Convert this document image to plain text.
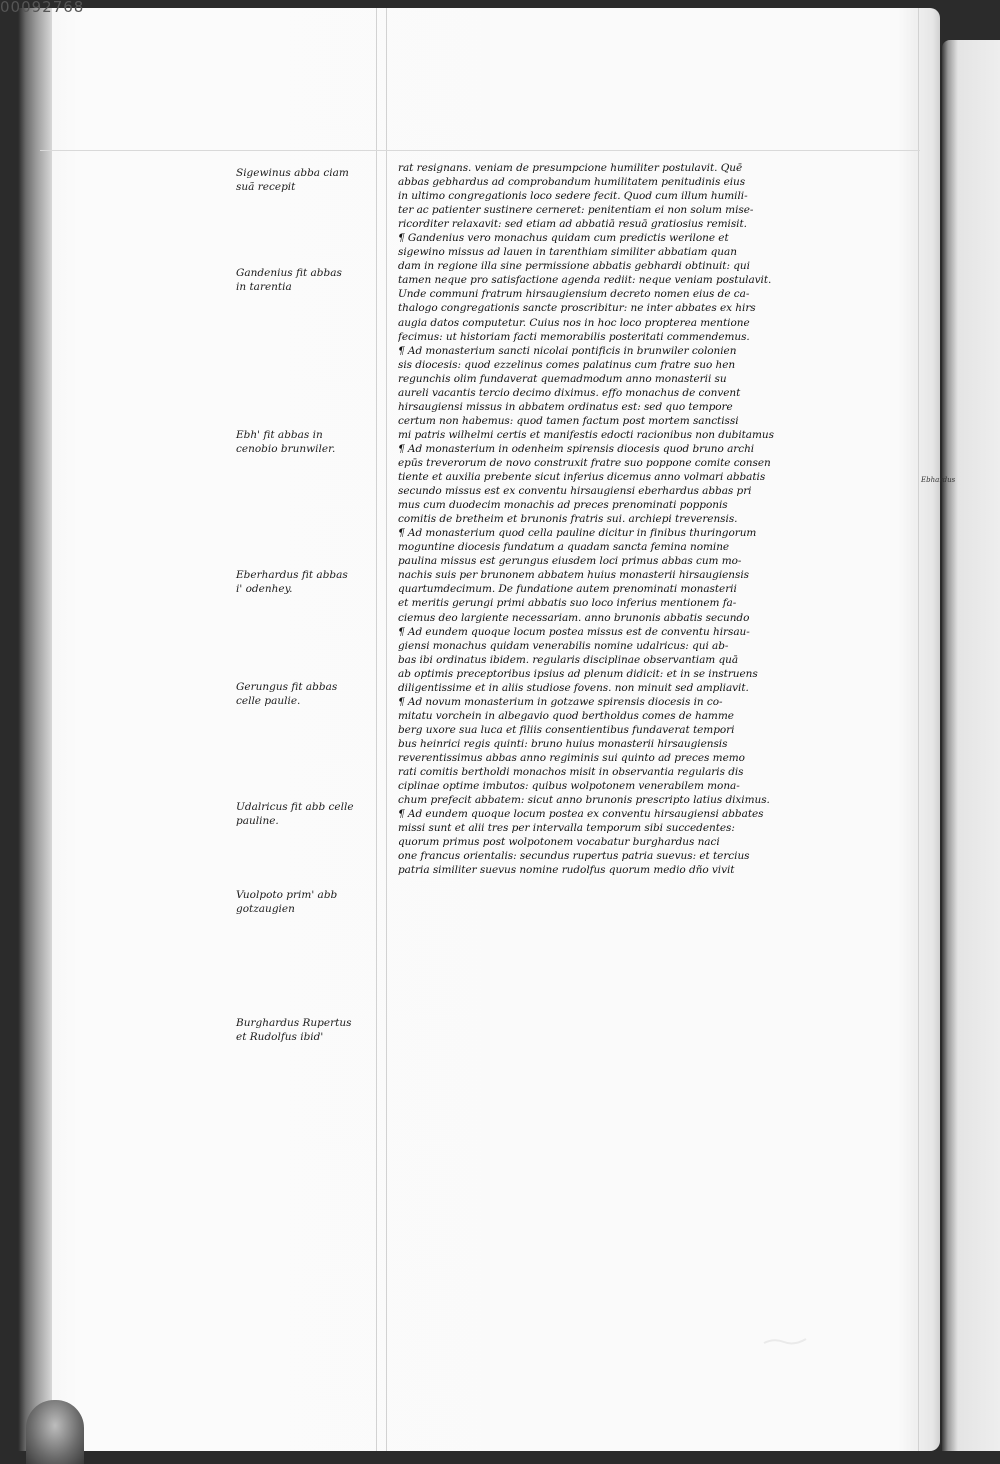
00092768
Sigewinus abba ciam suã recepit
Gandenius fit abbas in tarentia
Ebh' fit abbas in cenobio brunwiler.
Eberhardus fit abbas i' odenhey.
Gerungus fit abbas celle paulie.
Udalricus fit abb celle pauline.
Vuolpoto prim' abb gotzaugien
Burghardus Rupertus et Rudolfus ibid'
Ebhardus
rat resignans. veniam de presumpcione humiliter postulavit. Quē
abbas gebhardus ad comprobandum humilitatem penitudinis eius
in ultimo congregationis loco sedere fecit. Quod cum illum humili-
ter ac patienter sustinere cerneret: penitentiam ei non solum mise-
ricorditer relaxavit: sed etiam ad abbatiā resuā gratiosius remisit.
¶ Gandenius vero monachus quidam cum predictis werilone et
sigewino missus ad lauen in tarenthiam similiter abbatiam quan
dam in regione illa sine permissione abbatis gebhardi obtinuit: qui
tamen neque pro satisfactione agenda rediit: neque veniam postulavit.
Unde communi fratrum hirsaugiensium decreto nomen eius de ca-
thalogo congregationis sancte proscribitur: ne inter abbates ex hirs
augia datos computetur. Cuius nos in hoc loco propterea mentione
fecimus: ut historiam facti memorabilis posteritati commendemus.
¶ Ad monasterium sancti nicolai pontificis in brunwiler colonien
sis diocesis: quod ezzelinus comes palatinus cum fratre suo hen
regunchis olim fundaverat quemadmodum anno monasterii su
aureli vacantis tercio decimo diximus. effo monachus de convent
hirsaugiensi missus in abbatem ordinatus est: sed quo tempore
certum non habemus: quod tamen factum post mortem sanctissi
mi patris wilhelmi certis et manifestis edocti racionibus non dubitamus
¶ Ad monasterium in odenheim spirensis diocesis quod bruno archi
epūs treverorum de novo construxit fratre suo poppone comite consen
tiente et auxilia prebente sicut inferius dicemus anno volmari abbatis
secundo missus est ex conventu hirsaugiensi eberhardus abbas pri
mus cum duodecim monachis ad preces prenominati popponis
comitis de bretheim et brunonis fratris sui. archiepi treverensis.
¶ Ad monasterium quod cella pauline dicitur in finibus thuringorum
moguntine diocesis fundatum a quadam sancta femina nomine
paulina missus est gerungus eiusdem loci primus abbas cum mo-
nachis suis per brunonem abbatem huius monasterii hirsaugiensis
quartumdecimum. De fundatione autem prenominati monasterii
et meritis gerungi primi abbatis suo loco inferius mentionem fa-
ciemus deo largiente necessariam. anno brunonis abbatis secundo
¶ Ad eundem quoque locum postea missus est de conventu hirsau-
giensi monachus quidam venerabilis nomine udalricus: qui ab-
bas ibi ordinatus ibidem. regularis disciplinae observantiam quā
ab optimis preceptoribus ipsius ad plenum didicit: et in se instruens
diligentissime et in aliis studiose fovens. non minuit sed ampliavit.
¶ Ad novum monasterium in gotzawe spirensis diocesis in co-
mitatu vorchein in albegavio quod bertholdus comes de hamme
berg uxore sua luca et filiis consentientibus fundaverat tempori
bus heinrici regis quinti: bruno huius monasterii hirsaugiensis
reverentissimus abbas anno regiminis sui quinto ad preces memo
rati comitis bertholdi monachos misit in observantia regularis dis
ciplinae optime imbutos: quibus wolpotonem venerabilem mona-
chum prefecit abbatem: sicut anno brunonis prescripto latius diximus.
¶ Ad eundem quoque locum postea ex conventu hirsaugiensi abbates
missi sunt et alii tres per intervalla temporum sibi succedentes:
quorum primus post wolpotonem vocabatur burghardus naci
one francus orientalis: secundus rupertus patria suevus: et tercius
patria similiter suevus nomine rudolfus quorum medio dño vivit
